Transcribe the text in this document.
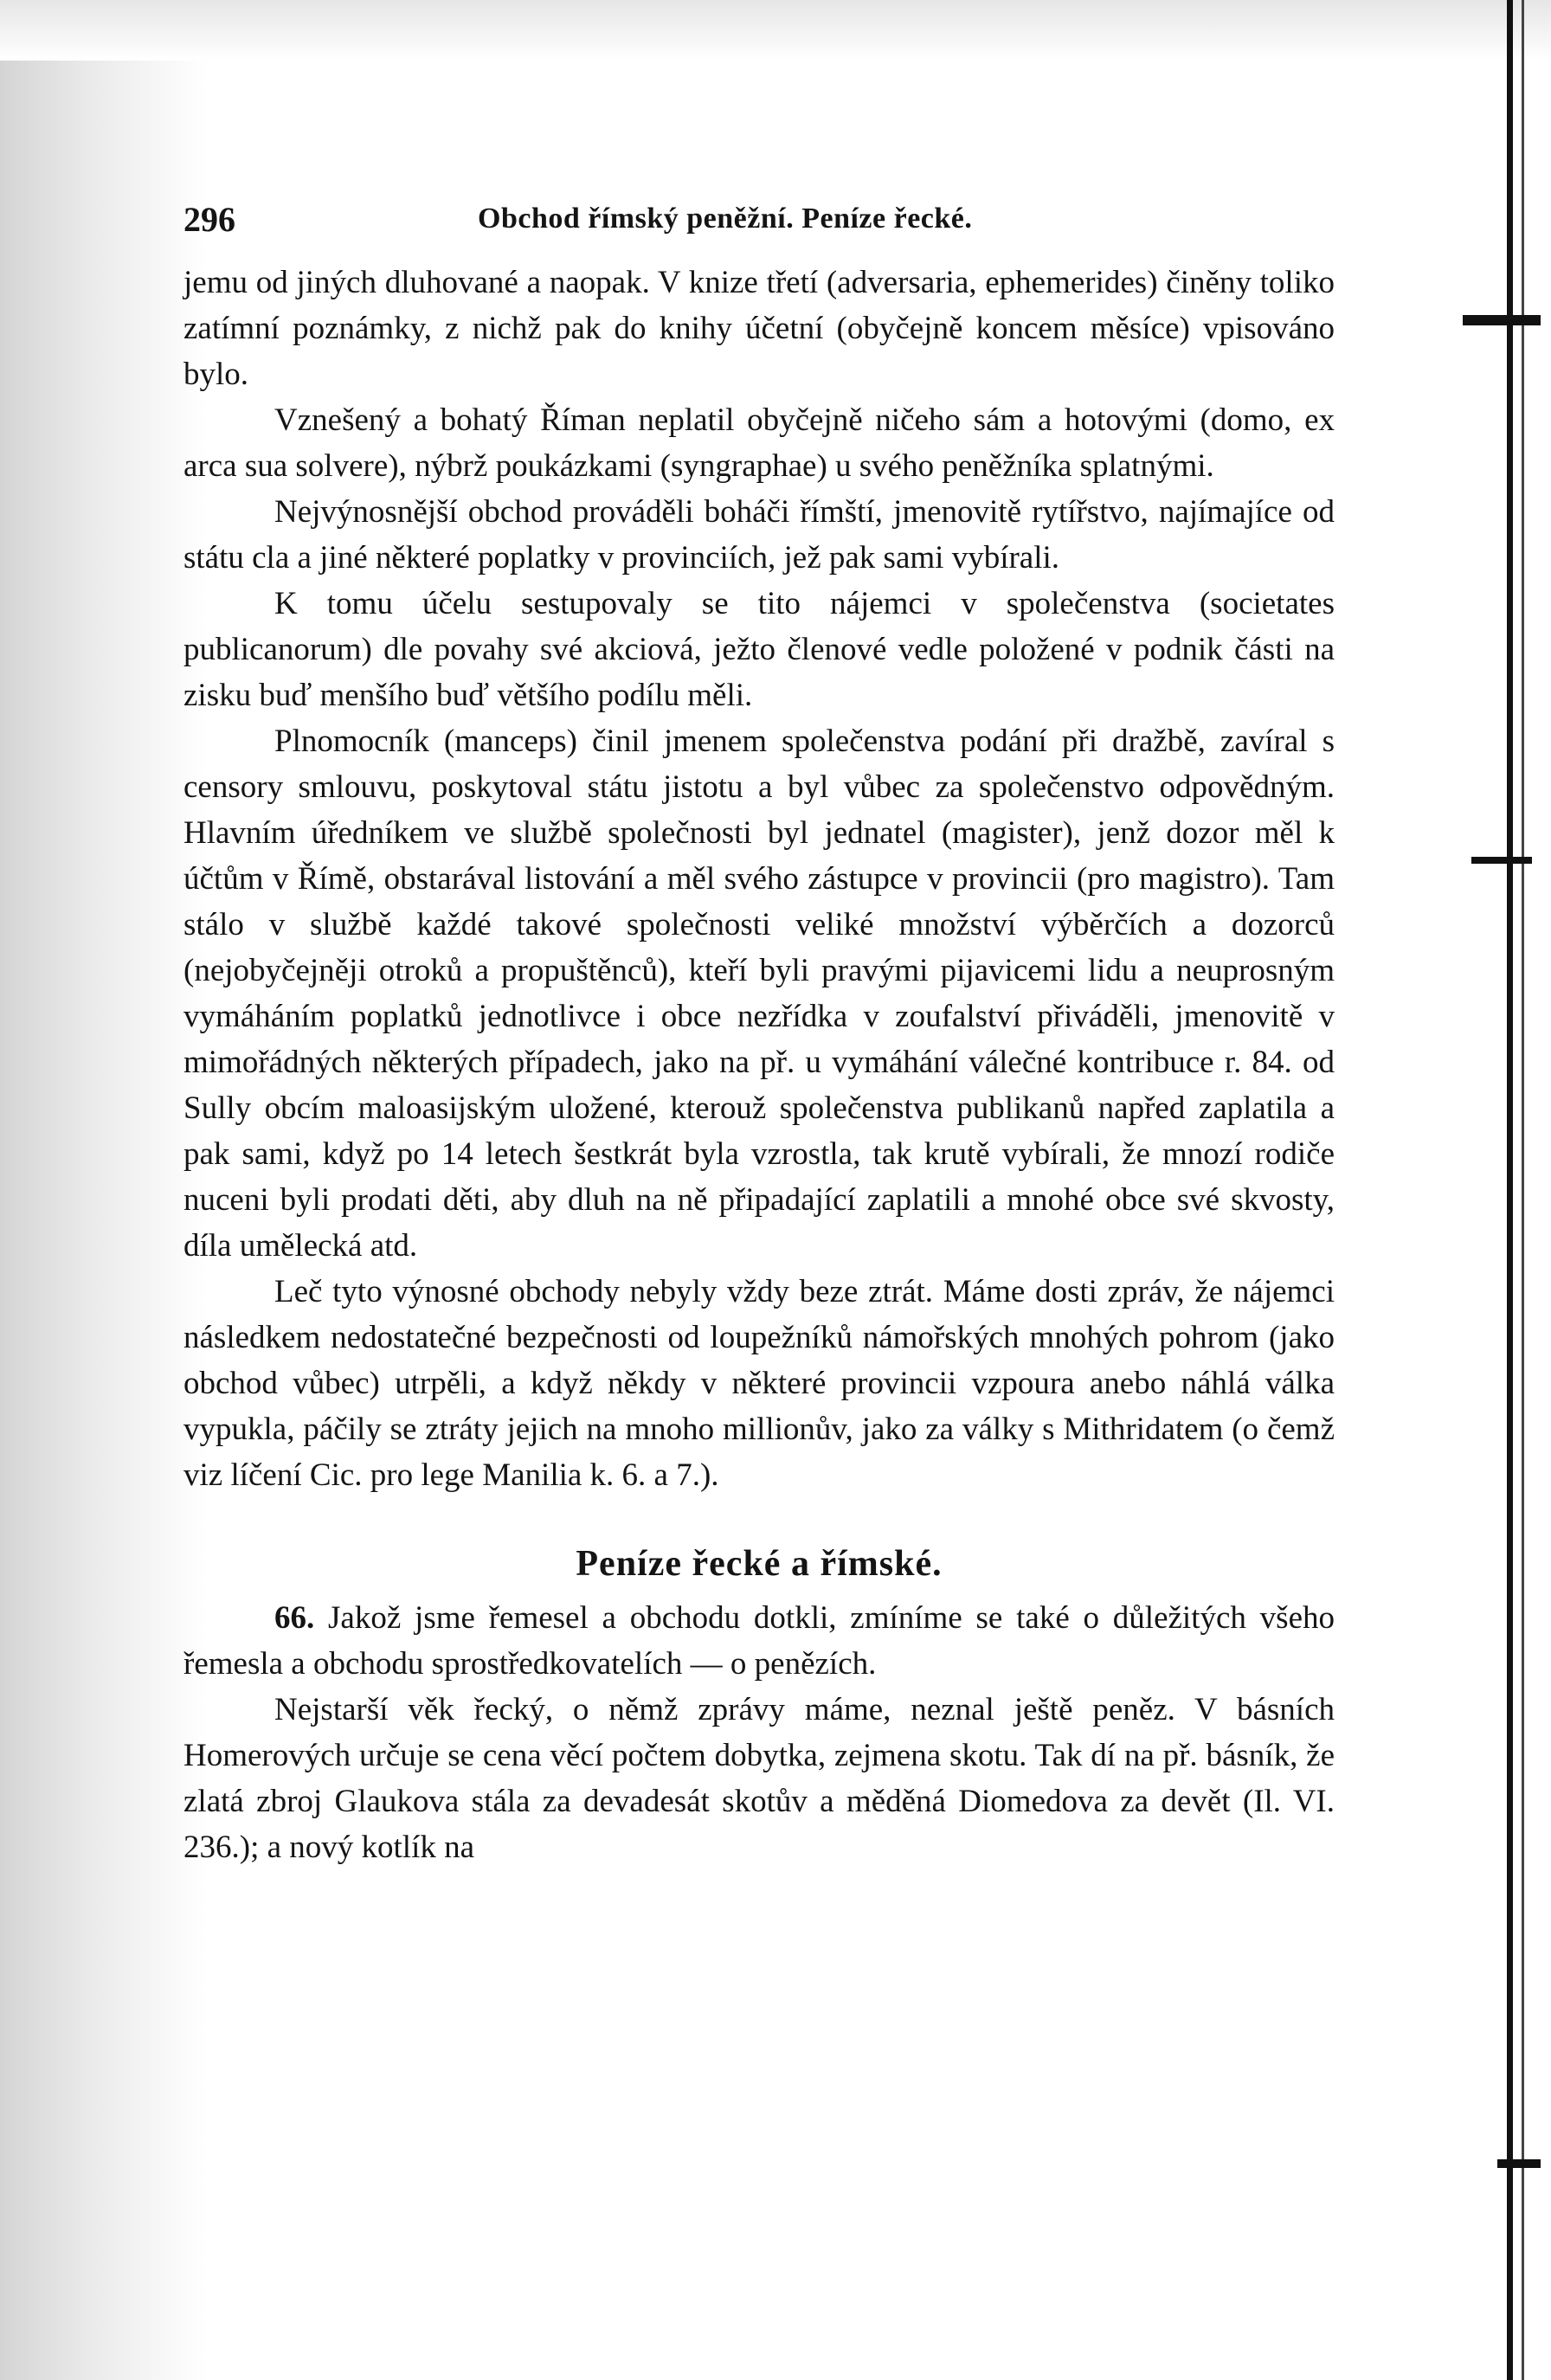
296	Obchod římský peněžní. Peníze řecké.

jemu od jiných dluhované a naopak. V knize třetí (adversaria, ephemerides) činěny toliko zatímní poznámky, z nichž pak do knihy účetní (obyčejně koncem měsíce) vpisováno bylo.

Vznešený a bohatý Říman neplatil obyčejně ničeho sám a hotovými (domo, ex arca sua solvere), nýbrž poukázkami (syngraphae) u svého peněžníka splatnými.

Nejvýnosnější obchod prováděli boháči římští, jmenovitě rytířstvo, najímajíce od státu cla a jiné některé poplatky v provinciích, jež pak sami vybírali.

K tomu účelu sestupovaly se tito nájemci v společenstva (societates publicanorum) dle povahy své akciová, ježto členové vedle položené v podnik části na zisku buď menšího buď většího podílu měli.

Plnomocník (manceps) činil jmenem společenstva podání při dražbě, zavíral s censory smlouvu, poskytoval státu jistotu a byl vůbec za společenstvo odpovědným. Hlavním úředníkem ve službě společnosti byl jednatel (magister), jenž dozor měl k účtům v Římě, obstarával listování a měl svého zástupce v provincii (pro magistro). Tam stálo v službě každé takové společnosti veliké množství výběrčích a dozorců (nejobyčejněji otroků a propuštěnců), kteří byli pravými pijavicemi lidu a neuprosným vymáháním poplatků jednotlivce i obce nezřídka v zoufalství přiváděli, jmenovitě v mimořádných některých případech, jako na př. u vymáhání válečné kontribuce r. 84. od Sully obcím maloasijským uložené, kterouž společenstva publikanů napřed zaplatila a pak sami, když po 14 letech šestkrát byla vzrostla, tak krutě vybírali, že mnozí rodiče nuceni byli prodati děti, aby dluh na ně připadající zaplatili a mnohé obce své skvosty, díla umělecká atd.

Leč tyto výnosné obchody nebyly vždy beze ztrát. Máme dosti zpráv, že nájemci následkem nedostatečné bezpečnosti od loupežníků námořských mnohých pohrom (jako obchod vůbec) utrpěli, a když někdy v některé provincii vzpoura anebo náhlá válka vypukla, páčily se ztráty jejich na mnoho millionův, jako za války s Mithridatem (o čemž viz líčení Cic. pro lege Manilia k. 6. a 7.).

Peníze řecké a římské.

66. Jakož jsme řemesel a obchodu dotkli, zmíníme se také o důležitých všeho řemesla a obchodu sprostředkovatelích — o penězích.

Nejstarší věk řecký, o němž zprávy máme, neznal ještě peněz. V básních Homerových určuje se cena věcí počtem dobytka, zejmena skotu. Tak dí na př. básník, že zlatá zbroj Glaukova stála za devadesát skotův a měděná Diomedova za devět (Il. VI. 236.); a nový kotlík na
